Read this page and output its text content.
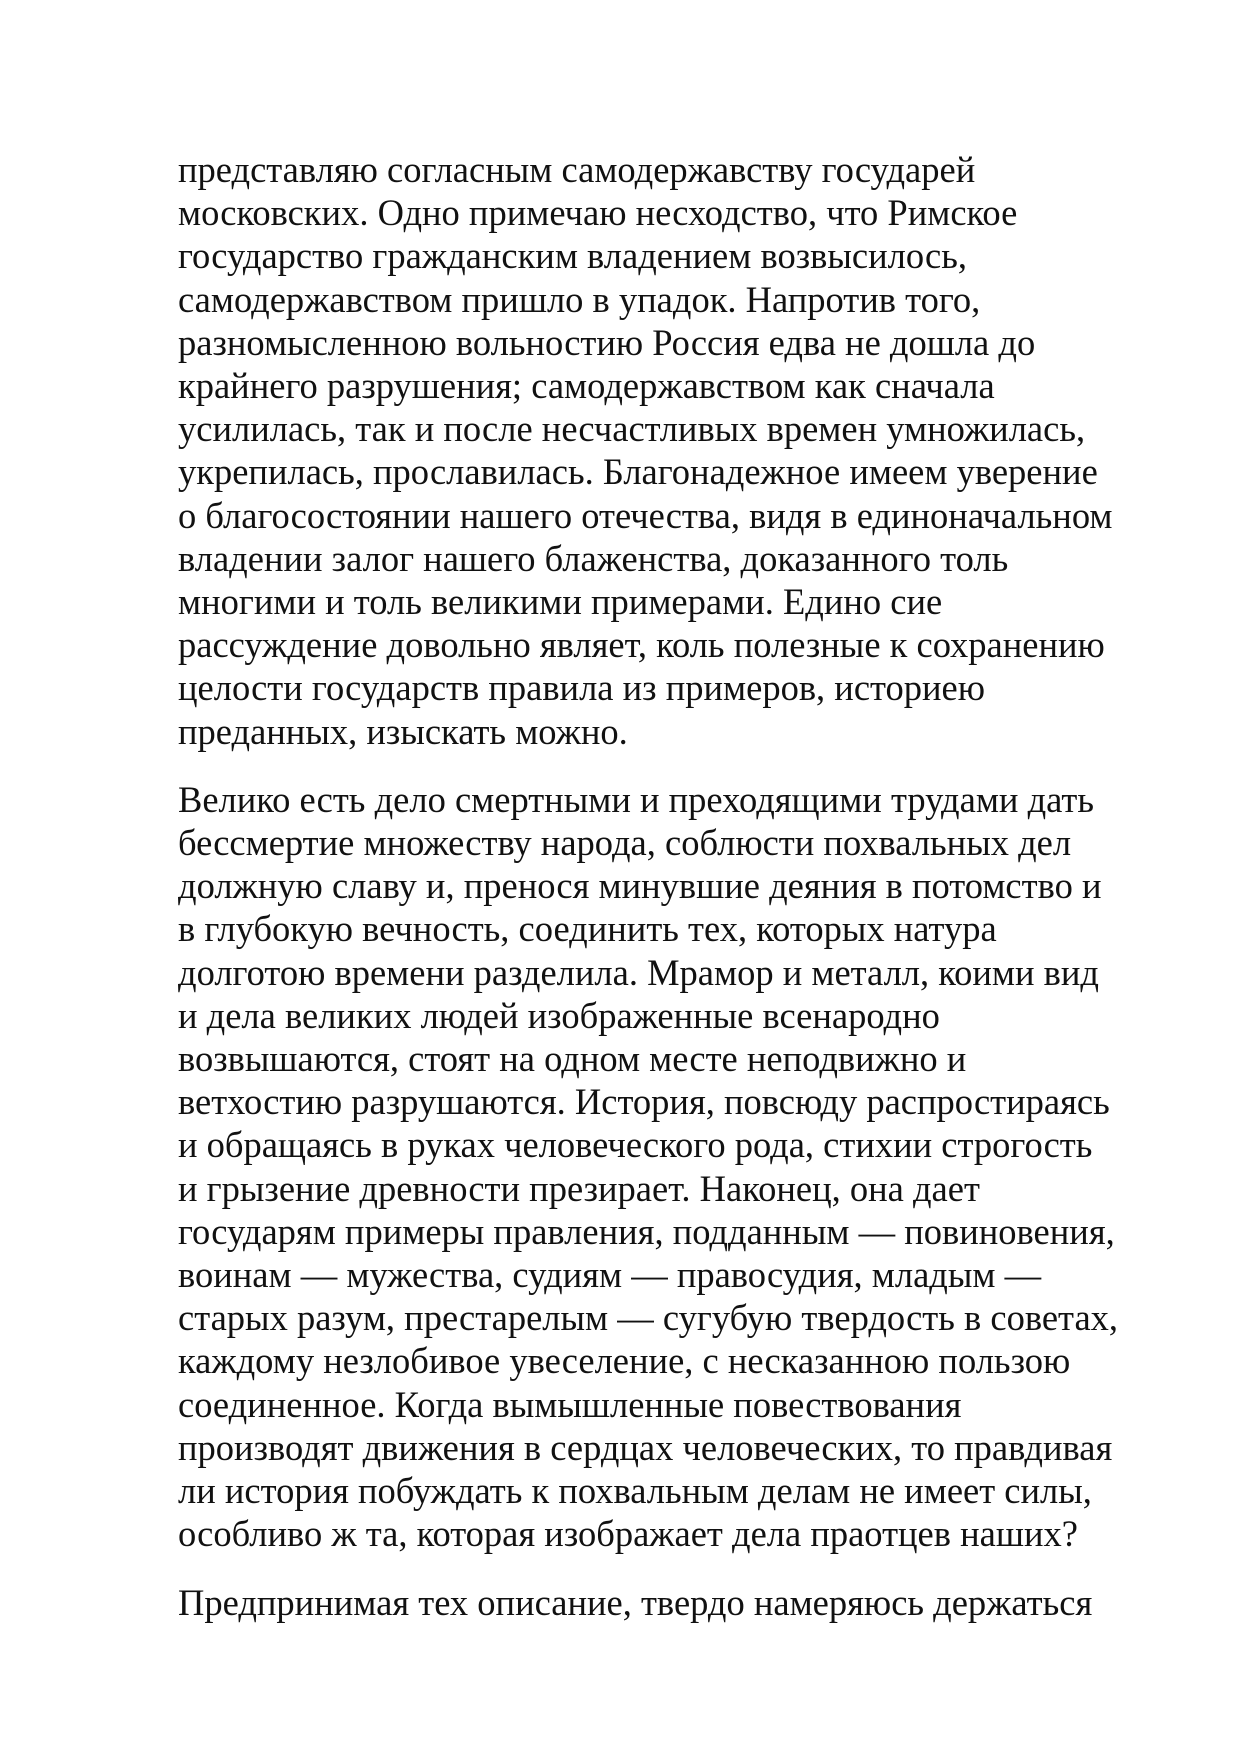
представляю согласным самодержавству государей
московских. Одно примечаю несходство, что Римское
государство гражданским владением возвысилось,
самодержавством пришло в упадок. Напротив того,
разномысленною вольностию Россия едва не дошла до
крайнего разрушения; самодержавством как сначала
усилилась, так и после несчастливых времен умножилась,
укрепилась, прославилась. Благонадежное имеем уверение
о благосостоянии нашего отечества, видя в единоначальном
владении залог нашего блаженства, доказанного толь
многими и толь великими примерами. Едино сие
рассуждение довольно являет, коль полезные к сохранению
целости государств правила из примеров, историею
преданных, изыскать можно.

Велико есть дело смертными и преходящими трудами дать
бессмертие множеству народа, соблюсти похвальных дел
должную славу и, пренося минувшие деяния в потомство и
в глубокую вечность, соединить тех, которых натура
долготою времени разделила. Мрамор и металл, коими вид
и дела великих людей изображенные всенародно
возвышаются, стоят на одном месте неподвижно и
ветхостию разрушаются. История, повсюду распростираясь
и обращаясь в руках человеческого рода, стихии строгость
и грызение древности презирает. Наконец, она дает
государям примеры правления, подданным — повиновения,
воинам — мужества, судиям — правосудия, младым —
старых разум, престарелым — сугубую твердость в советах,
каждому незлобивое увеселение, с несказанною пользою
соединенное. Когда вымышленные повествования
производят движения в сердцах человеческих, то правдивая
ли история побуждать к похвальным делам не имеет силы,
особливо ж та, которая изображает дела праотцев наших?

Предпринимая тех описание, твердо намеряюсь держаться
